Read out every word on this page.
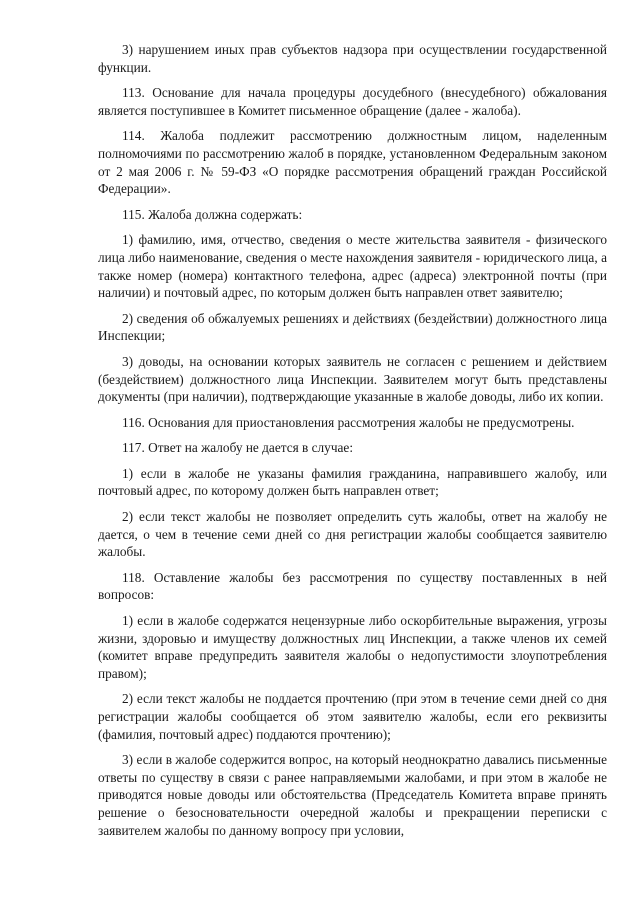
3) нарушением иных прав субъектов надзора при осуществлении государственной функции.

113. Основание для начала процедуры досудебного (внесудебного) обжалования является поступившее в Комитет письменное обращение (далее - жалоба).

114. Жалоба подлежит рассмотрению должностным лицом, наделенным полномочиями по рассмотрению жалоб в порядке, установленном Федеральным законом от 2 мая 2006 г. № 59-ФЗ «О порядке рассмотрения обращений граждан Российской Федерации».

115. Жалоба должна содержать:

1) фамилию, имя, отчество, сведения о месте жительства заявителя - физического лица либо наименование, сведения о месте нахождения заявителя - юридического лица, а также номер (номера) контактного телефона, адрес (адреса) электронной почты (при наличии) и почтовый адрес, по которым должен быть направлен ответ заявителю;

2) сведения об обжалуемых решениях и действиях (бездействии) должностного лица Инспекции;

3) доводы, на основании которых заявитель не согласен с решением и действием (бездействием) должностного лица Инспекции. Заявителем могут быть представлены документы (при наличии), подтверждающие указанные в жалобе доводы, либо их копии.

116. Основания для приостановления рассмотрения жалобы не предусмотрены.

117. Ответ на жалобу не дается в случае:

1) если в жалобе не указаны фамилия гражданина, направившего жалобу, или почтовый адрес, по которому должен быть направлен ответ;

2) если текст жалобы не позволяет определить суть жалобы, ответ на жалобу не дается, о чем в течение семи дней со дня регистрации жалобы сообщается заявителю жалобы.

118. Оставление жалобы без рассмотрения по существу поставленных в ней вопросов:

1) если в жалобе содержатся нецензурные либо оскорбительные выражения, угрозы жизни, здоровью и имуществу должностных лиц Инспекции, а также членов их семей (комитет вправе предупредить заявителя жалобы о недопустимости злоупотребления правом);

2) если текст жалобы не поддается прочтению (при этом в течение семи дней со дня регистрации жалобы сообщается об этом заявителю жалобы, если его реквизиты (фамилия, почтовый адрес) поддаются прочтению);

3) если в жалобе содержится вопрос, на который неоднократно давались письменные ответы по существу в связи с ранее направляемыми жалобами, и при этом в жалобе не приводятся новые доводы или обстоятельства (Председатель Комитета вправе принять решение о безосновательности очередной жалобы и прекращении переписки с заявителем жалобы по данному вопросу при условии,
